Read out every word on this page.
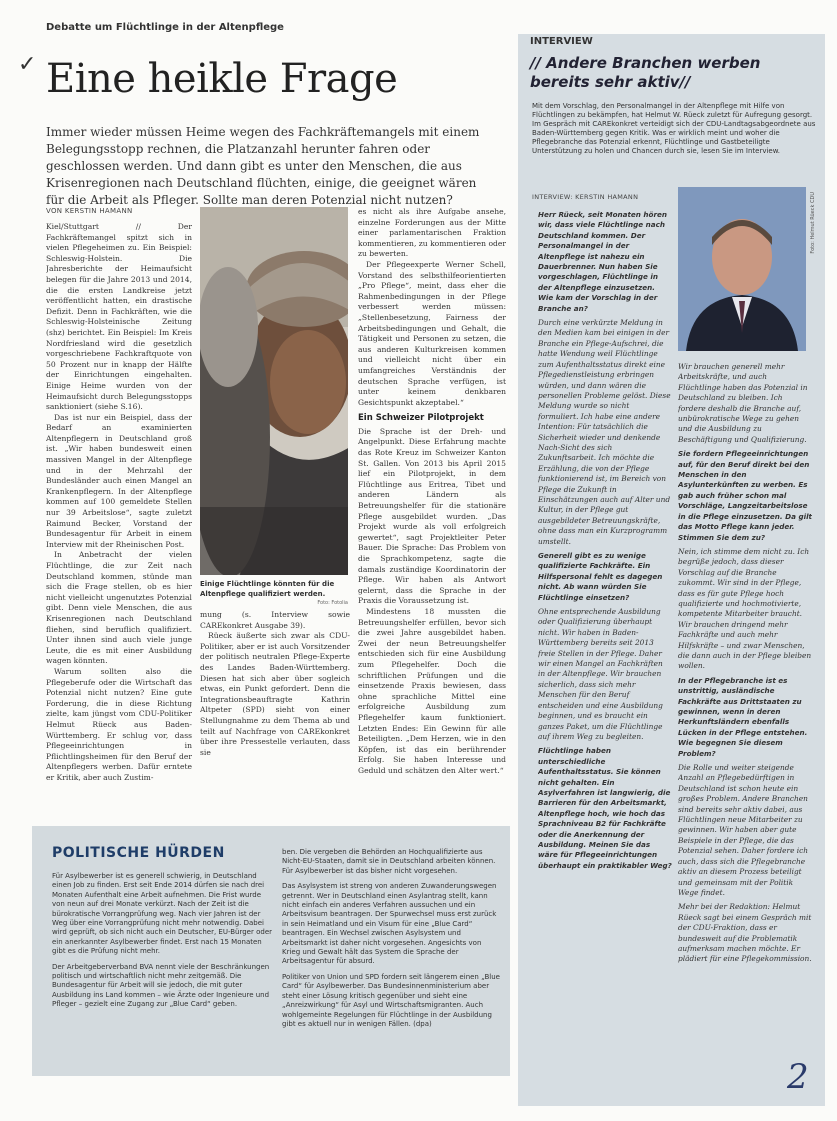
Debatte um Flüchtlinge in der Altenpflege
✓ Eine heikle Frage
Immer wieder müssen Heime wegen des Fachkräftemangels mit einem Belegungsstopp rechnen, die Platzanzahl herunter fahren oder geschlossen werden. Und dann gibt es unter den Menschen, die aus Krisenregionen nach Deutschland flüchten, einige, die geeignet wären für die Arbeit als Pfleger. Sollte man deren Potenzial nicht nutzen?
VON KERSTIN HAMANN

Kiel/Stuttgart // Der Fachkräftemangel spitzt sich in vielen Pflegeheimen zu. Ein Beispiel: Schleswig-Holstein. Die Jahresberichte der Heimaufsicht belegen für die Jahre 2013 und 2014, die die ersten Landkreise jetzt veröffentlicht hatten, ein drastische Defizit. Denn in Fachkräften, wie die Schleswig-Holsteinische Zeitung (shz) berichtet. Ein Beispiel: Im Kreis Nordfriesland wird die gesetzlich vorgeschriebene Fachkraftquote von 50 Prozent nur in knapp der Hälfte der Einrichtungen eingehalten. Einige Heime wurden von der Heimaufsicht durch Belegungsstopps sanktioniert (siehe S.16).

Das ist nur ein Beispiel, dass der Bedarf an examinierten Altenpflegern in Deutschland groß ist. „Wir haben bundesweit einen massiven Mangel in der Altenpflege und in der Mehrzahl der Bundesländer auch einen Mangel an Krankenpflegern. In der Altenpflege kommen auf 100 gemeldete Stellen nur 39 Arbeitslose“, sagte zuletzt Raimund Becker, Vorstand der Bundesagentur für Arbeit in einem Interview mit der Rheinischen Post.

In Anbetracht der vielen Flüchtlinge, die zur Zeit nach Deutschland kommen, stünde man sich die Frage stellen, ob es hier nicht vielleicht ungenutztes Potenzial gibt. Denn viele Menschen, die aus Krisenregionen nach Deutschland fliehen, sind beruflich qualifiziert. Unter ihnen sind auch viele junge Leute, die es mit einer Ausbildung wagen könnten.

Warum sollten also die Pflegeberufe oder die Wirtschaft das Potenzial nicht nutzen? Eine gute Forderung, die in diese Richtung zielte, kam jüngst vom CDU-Politiker Helmut Rüeck aus Baden-Württemberg. Er schlug vor, dass Pflegeeinrichtungen in Pflichtlingsheimen für den Beruf der Altenpflegers werben. Dafür erntete er Kritik, aber auch Zustim-

Einige Flüchtlinge könnten für die Altenpflege qualifiziert werden.
Foto: Fotolia

mung (s. Interview sowie CAREkonkret Ausgabe 39).

Rüeck äußerte sich zwar als CDU-Politiker, aber er ist auch Vorsitzender der politisch neutralen Pflege-Experte des Landes Baden-Württemberg. Diesen hat sich aber über sogleich etwas, ein Punkt gefordert. Denn die Integrationsbeauftragte Kathrin Altpeter (SPD) sieht von einer Stellungnahme zu dem Thema ab und teilt auf Nachfrage von CAREkonkret über ihre Pressestelle verlauten, dass sie

es nicht als ihre Aufgabe ansehe, einzelne Forderungen aus der Mitte einer parlamentarischen Fraktion kommentieren, zu kommentieren oder zu bewerten.

Der Pflegeexperte Werner Schell, Vorstand des selbsthilfeorientierten „Pro Pflege“, meint, dass eher die Rahmenbedingungen in der Pflege verbessert werden müssen: „Stellenbesetzung, Fairness der Arbeitsbedingungen und Gehalt, die Tätigkeit und Personen zu setzen, die aus anderen Kulturkreisen kommen und vielleicht nicht über ein umfangreiches Verständnis der deutschen Sprache verfügen, ist unter keinem denkbaren Gesichtspunkt akzeptabel.“

Ein Schweizer Pilotprojekt

Die Sprache ist der Dreh- und Angelpunkt. Diese Erfahrung machte das Rote Kreuz im Schweizer Kanton St. Gallen. Von 2013 bis April 2015 lief ein Pilotprojekt, in dem Flüchtlinge aus Eritrea, Tibet und anderen Ländern als Betreuungshelfer für die stationäre Pflege ausgebildet wurden. „Das Projekt wurde als voll erfolgreich gewertet“, sagt Projektleiter Peter Bauer. Die Sprache: Das Problem von die Sprachkompetenz, sagte die damals zuständige Koordinatorin der Pflege. Wir haben als Antwort gelernt, dass die Sprache in der Praxis die Voraussetzung ist.

Mindestens 18 mussten die Betreuungshelfer erfüllen, bevor sich die zwei Jahre ausgebildet haben. Zwei der neun Betreuungshelfer entschieden sich für eine Ausbildung zum Pflegehelfer. Doch die schriftlichen Prüfungen und die einsetzende Praxis bewiesen, dass ohne sprachliche Mittel eine erfolgreiche Ausbildung zum Pflegehelfer kaum funktioniert. Letzten Endes: Ein Gewinn für alle Beteiligten. „Dem Herzen, wie in den Köpfen, ist das ein berührender Erfolg. Sie haben Interesse und Geduld und schätzen den Alter wert.“

INTERVIEW
// Andere Branchen werben bereits sehr aktiv//
Mit dem Vorschlag, den Personalmangel in der Altenpflege mit Hilfe von Flüchtlingen zu bekämpfen, hat Helmut W. Rüeck zuletzt für Aufregung gesorgt. Im Gespräch mit CAREkonkret verteidigt sich der CDU-Landtagsabgeordnete aus Baden-Württemberg gegen Kritik. Was er wirklich meint und woher die Pflegebranche das Potenzial erkennt, Flüchtlinge und Gastbeteiligte Unterstützung zu holen und Chancen durch sie, lesen Sie im Interview.
INTERVIEW: KERSTIN HAMANN	Foto: Helmut Rüeck CDU

Herr Rüeck, seit Monaten hören wir, dass viele Flüchtlinge nach Deutschland kommen. Der Personalmangel in der Altenpflege ist nahezu ein Dauerbrenner. Nun haben Sie vorgeschlagen, Flüchtlinge in der Altenpflege einzusetzen. Wie kam der Vorschlag in der Branche an?

Durch eine verkürzte Meldung in den Medien kam bei einigen in der Branche ein Pflege-Aufschrei, die hatte Wendung weil Flüchtlinge zum Aufenthaltsstatus direkt eine Pflegedienstleistung erbringen würden, und dann wären die personellen Probleme gelöst. Diese Meldung wurde so nicht formuliert. Ich habe eine andere Intention: Für tatsächlich die Sicherheit wieder und denkende Nach-Sicht des sich Zukunftsarbeit. Ich möchte die Erzählung, die von der Pflege funktionierend ist, im Bereich von Pflege die Zukunft in Einschätzungen auch auf Alter und Kultur, in der Pflege gut ausgebildeter Betreuungskräfte, ohne dass man ein Kurzprogramm umstellt.

Generell gibt es zu wenige qualifizierte Fachkräfte. Ein Hilfspersonal fehlt es dagegen nicht. Ab wann würden Sie Flüchtlinge einsetzen?

Ohne entsprechende Ausbildung oder Qualifizierung überhaupt nicht. Wir haben in Baden-Württemberg bereits seit 2013 freie Stellen in der Pflege. Daher wir einen Mangel an Fachkräften in der Altenpflege. Wir brauchen sicherlich, dass sich mehr Menschen für den Beruf entscheiden und eine Ausbildung beginnen, und es braucht ein ganzes Paket, um die Flüchtlinge auf ihrem Weg zu begleiten.

Flüchtlinge haben unterschiedliche Aufenthaltsstatus. Sie können nicht gehalten. Ein Asylverfahren ist langwierig, die Barrieren für den Arbeitsmarkt, Altenpflege hoch, wie hoch das Sprachniveau B2 für Fachkräfte oder die Anerkennung der Ausbildung. Meinen Sie das wäre für Pflegeeinrichtungen überhaupt ein praktikabler Weg?

Wir brauchen generell mehr Arbeitskräfte, und auch Flüchtlinge haben das Potenzial in Deutschland zu bleiben. Ich fordere deshalb die Branche auf, unbürokratische Wege zu gehen und die Ausbildung zu Beschäftigung und Qualifizierung.

Sie fordern Pflegeeinrichtungen auf, für den Beruf direkt bei den Menschen in den Asylunterkünften zu werben. Es gab auch früher schon mal Vorschläge, Langzeitarbeitslose in die Pflege einzusetzen. Da gilt das Motto Pflege kann jeder. Stimmen Sie dem zu?

Nein, ich stimme dem nicht zu. Ich begrüße jedoch, dass dieser Vorschlag auf die Branche zukommt. Wir sind in der Pflege, dass es für gute Pflege hoch qualifizierte und hochmotivierte, kompetente Mitarbeiter braucht. Wir brauchen dringend mehr Fachkräfte und auch mehr Hilfskräfte – und zwar Menschen, die dann auch in der Pflege bleiben wollen.

In der Pflegebranche ist es unstrittig, ausländische Fachkräfte aus Drittstaaten zu gewinnen, wenn in deren Herkunftsländern ebenfalls Lücken in der Pflege entstehen. Wie begegnen Sie diesem Problem?

Die Rolle und weiter steigende Anzahl an Pflegebedürftigen in Deutschland ist schon heute ein großes Problem. Andere Branchen sind bereits sehr aktiv dabei, aus Flüchtlingen neue Mitarbeiter zu gewinnen. Wir haben aber gute Beispiele in der Pflege, die das Potenzial sehen. Daher fordere ich auch, dass sich die Pflegebranche aktiv an diesem Prozess beteiligt und gemeinsam mit der Politik Wege findet.

Mehr bei der Redaktion: Helmut Rüeck sagt bei einem Gespräch mit der CDU-Fraktion, dass er bundesweit auf die Problematik aufmerksam machen möchte. Er plädiert für eine Pflegekommission.

2
POLITISCHE HÜRDEN

Für Asylbewerber ist es generell schwierig, in Deutschland einen Job zu finden. Erst seit Ende 2014 dürfen sie nach drei Monaten Aufenthalt eine Arbeit aufnehmen. Die Frist wurde von neun auf drei Monate verkürzt. Nach der Zeit ist die bürokratische Vorrangprüfung weg. Nach vier Jahren ist der Weg über eine Vorrangprüfung nicht mehr notwendig. Dabei wird geprüft, ob sich nicht auch ein Deutscher, EU-Bürger oder ein anerkannter Asylbewerber findet. Erst nach 15 Monaten gibt es die Prüfung nicht mehr.

Der Arbeitgeberverband BVA nennt viele der Beschränkungen politisch und wirtschaftlich nicht mehr zeitgemäß. Die Bundesagentur für Arbeit will sie jedoch, die mit guter Ausbildung ins Land kommen – wie Ärzte oder Ingenieure und Pfleger – gezielt eine Zugang zur „Blue Card“ geben.

ben. Die vergeben die Behörden an Hochqualifizierte aus Nicht-EU-Staaten, damit sie in Deutschland arbeiten können. Für Asylbewerber ist das bisher nicht vorgesehen.

Das Asylsystem ist streng von anderen Zuwanderungswegen getrennt. Wer in Deutschland einen Asylantrag stellt, kann nicht einfach ein anderes Verfahren aussuchen und ein Arbeitsvisum beantragen. Der Spurwechsel muss erst zurück in sein Heimatland und ein Visum für eine „Blue Card“ beantragen. Ein Wechsel zwischen Asylsystem und Arbeitsmarkt ist daher nicht vorgesehen. Angesichts von Krieg und Gewalt hält das System die Sprache der Arbeitsagentur für absurd.

Politiker von Union und SPD fordern seit längerem einen „Blue Card“ für Asylbewerber. Das Bundesinnenministerium aber steht einer Lösung kritisch gegenüber und sieht eine „Anreizwirkung“ für Asyl und Wirtschaftsmigranten. Auch wohlgemeinte Regelungen für Flüchtlinge in der Ausbildung gibt es aktuell nur in wenigen Fällen. (dpa)
